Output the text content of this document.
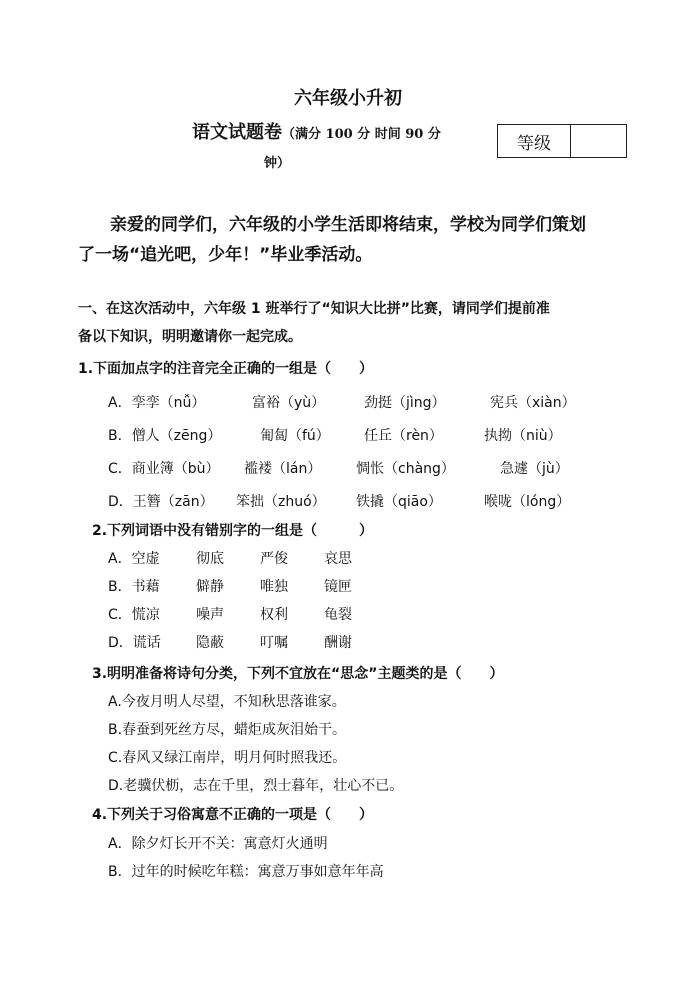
六年级小升初
语文试题卷（满分 100 分 时间 90 分
钟）
等级
亲爱的同学们，六年级的小学生活即将结束，学校为同学们策划
了一场“追光吧，少年！”毕业季活动。
一、在这次活动中，六年级 1 班举行了“知识大比拼”比赛，请同学们提前准
备以下知识，明明邀请你一起完成。
1.下面加点字的注音完全正确的一组是（　　）
A．孪孪（nǚ）	富裕（yù）	劲挺（jìng）	宪兵（xiàn）
B．僧人（zēng）	匍匐（fú） 任丘（rèn）	执拗（niù）
C．商业簿（bù） 褴褛（lán） 惆怅（chàng）	急遽（jù）
D．王簪（zān） 笨拙（zhuó） 铁撬（qiāo）	喉咙（lóng）
2.下列词语中没有错别字的一组是（　　　）
A．空虚	彻底	严俊	哀思
B．书藉	僻静	唯独	镜匣
C．慌凉	噪声	权利	龟裂
D．谎话	隐蔽	叮嘱	酬谢
3.明明准备将诗句分类，下列不宜放在“思念”主题类的是（　　）
A.今夜月明人尽望，不知秋思落谁家。
B.春蚕到死丝方尽，蜡炬成灰泪始干。
C.春风又绿江南岸，明月何时照我还。
D.老骥伏枥，志在千里，烈士暮年，壮心不已。
4.下列关于习俗寓意不正确的一项是（　　）
A．除夕灯长开不关：寓意灯火通明
B．过年的时候吃年糕：寓意万事如意年年高
